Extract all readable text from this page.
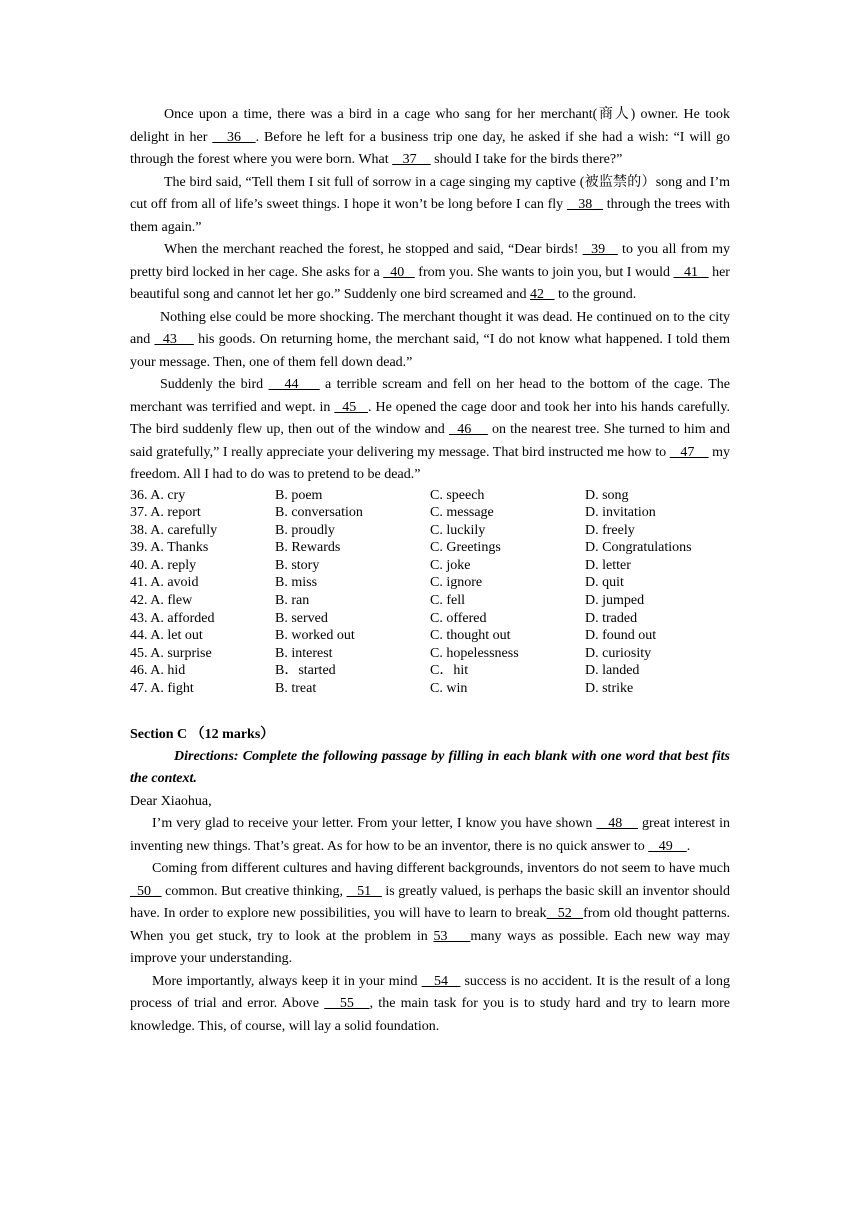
Once upon a time, there was a bird in a cage who sang for her merchant(商人) owner. He took delight in her    36   . Before he left for a business trip one day, he asked if she had a wish: “I will go through the forest where you were born. What    37     should I take for the birds there?”

The bird said, “Tell them I sit full of sorrow in a cage singing my captive (被监禁的）song and I’m cut off from all of life’s sweet things. I hope it won’t be long before I can fly    38 _ through the trees with them again.”

When the merchant reached the forest, he stopped and said, “Dear birds!   39    to you all from my pretty bird locked in her cage. She asks for a   40    from you. She wants to join you, but I would    41    her beautiful song and cannot let her go.” Suddenly one bird screamed and 42    to the ground.

Nothing else could be more shocking. The merchant thought it was dead. He continued on to the city and   43     his goods. On returning home, the merchant said, “I do not know what happened. I told them your message. Then, one of them fell down dead.”

Suddenly the bird    44     a terrible scream and fell on her head to the bottom of the cage. The merchant was terrified and wept. in   45   . He opened the cage door and took her into his hands carefully. The bird suddenly flew up, then out of the window and   46     on the nearest tree. She turned to him and said gratefully,” I really appreciate your delivering my message. That bird instructed me how to    47     my freedom. All I had to do was to pretend to be dead.”

36. A. cry	B. poem	C. speech	D. song
37. A. report	B. conversation	C. message	D. invitation
38. A. carefully	B. proudly	C. luckily	D. freely
39. A. Thanks	B. Rewards	C. Greetings	D. Congratulations
40. A. reply	B. story	C. joke	D. letter
41. A. avoid	B. miss	C. ignore	D. quit
42. A. flew	B. ran	C. fell	D. jumped
43. A. afforded	B. served	C. offered	D. traded
44. A. let out	B. worked out	C. thought out	D. found out
45. A. surprise	B. interest	C. hopelessness	D. curiosity
46. A. hid	B．started	C．hit	D. landed
47. A. fight	B. treat	C. win	D. strike
Section C （12 marks）

Directions: Complete the following passage by filling in each blank with one word that best fits the context.

Dear Xiaohua,

I’m very glad to receive your letter. From your letter, I know you have shown    48     great interest in inventing new things. That’s great. As for how to be an inventor, there is no quick answer to    49    .

Coming from different cultures and having different backgrounds, inventors do not seem to have much _50 _ common. But creative thinking,    51    is greatly valued, is perhaps the basic skill an inventor should have. In order to explore new possibilities, you will have to learn to break   52   from old thought patterns. When you get stuck, try to look at the problem in 53    many ways as possible. Each new way may improve your understanding.

More importantly, always keep it in your mind    54    success is no accident. It is the result of a long process of trial and error. Above    55   , the main task for you is to study hard and try to learn more knowledge. This, of course, will lay a solid foundation.
